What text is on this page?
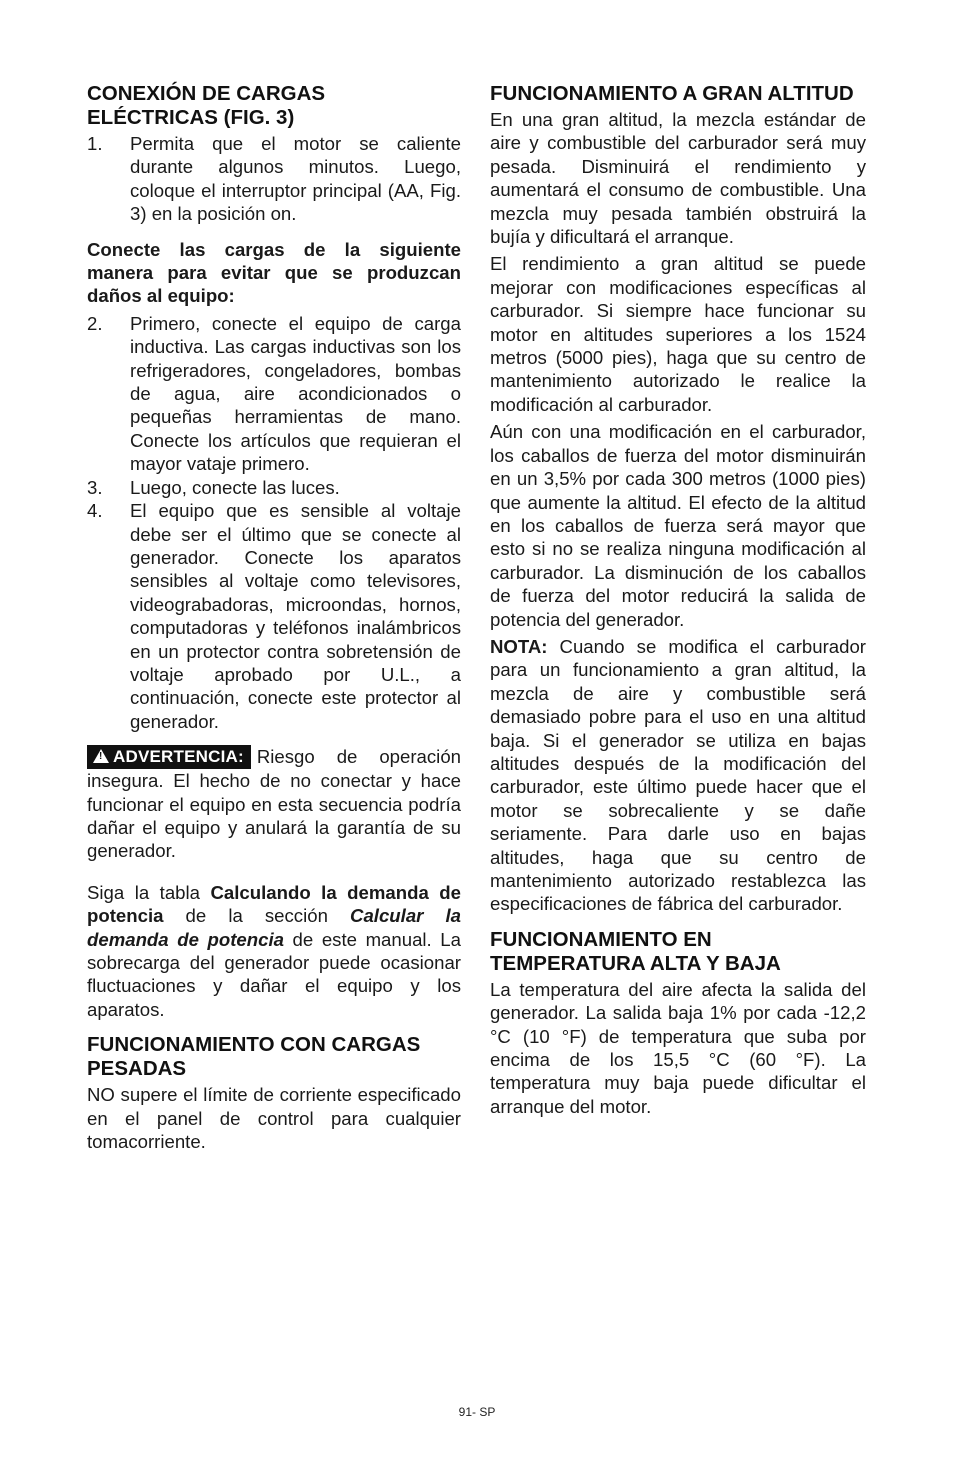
CONEXIÓN DE CARGAS ELÉCTRICAS (FIG. 3)
1. Permita que el motor se caliente durante algunos minutos. Luego, coloque el interruptor principal (AA, Fig. 3) en la posición on.

Conecte las cargas de la siguiente manera para evitar que se produzcan daños al equipo:

2. Primero, conecte el equipo de carga inductiva. Las cargas inductivas son los refrigeradores, congeladores, bombas de agua, aire acondicionados o pequeñas herramientas de mano. Conecte los artículos que requieran el mayor vataje primero.
3. Luego, conecte las luces.
4. El equipo que es sensible al voltaje debe ser el último que se conecte al generador. Conecte los aparatos sensibles al voltaje como televisores, videograbadoras, microondas, hornos, computadoras y teléfonos inalámbricos en un protector contra sobretensión de voltaje aprobado por U.L., a continuación, conecte este protector al generador.

!ADVERTENCIA: Riesgo de operación insegura. El hecho de no conectar y hace funcionar el equipo en esta secuencia podría dañar el equipo y anulará la garantía de su generador.

Siga la tabla Calculando la demanda de potencia de la sección Calcular la demanda de potencia de este manual. La sobrecarga del generador puede ocasionar fluctuaciones y dañar el equipo y los aparatos.

FUNCIONAMIENTO CON CARGAS PESADAS

NO supere el límite de corriente especificado en el panel de control para cualquier tomacorriente.

FUNCIONAMIENTO A GRAN ALTITUD

En una gran altitud, la mezcla estándar de aire y combustible del carburador será muy pesada. Disminuirá el rendimiento y aumentará el consumo de combustible. Una mezcla muy pesada también obstruirá la bujía y dificultará el arranque.

El rendimiento a gran altitud se puede mejorar con modificaciones específicas al carburador. Si siempre hace funcionar su motor en altitudes superiores a los 1524 metros (5000 pies), haga que su centro de mantenimiento autorizado le realice la modificación al carburador.

Aún con una modificación en el carburador, los caballos de fuerza del motor disminuirán en un 3,5% por cada 300 metros (1000 pies) que aumente la altitud. El efecto de la altitud en los caballos de fuerza será mayor que esto si no se realiza ninguna modificación al carburador. La disminución de los caballos de fuerza del motor reducirá la salida de potencia del generador.

NOTA: Cuando se modifica el carburador para un funcionamiento a gran altitud, la mezcla de aire y combustible será demasiado pobre para el uso en una altitud baja. Si el generador se utiliza en bajas altitudes después de la modificación del carburador, este último puede hacer que el motor se sobrecaliente y se dañe seriamente. Para darle uso en bajas altitudes, haga que su centro de mantenimiento autorizado restablezca las especificaciones de fábrica del carburador.

FUNCIONAMIENTO EN TEMPERATURA ALTA Y BAJA

La temperatura del aire afecta la salida del generador. La salida baja 1% por cada -12,2 °C (10 °F) de temperatura que suba por encima de los 15,5 °C (60 °F). La temperatura muy baja puede dificultar el arranque del motor.

91- SP
